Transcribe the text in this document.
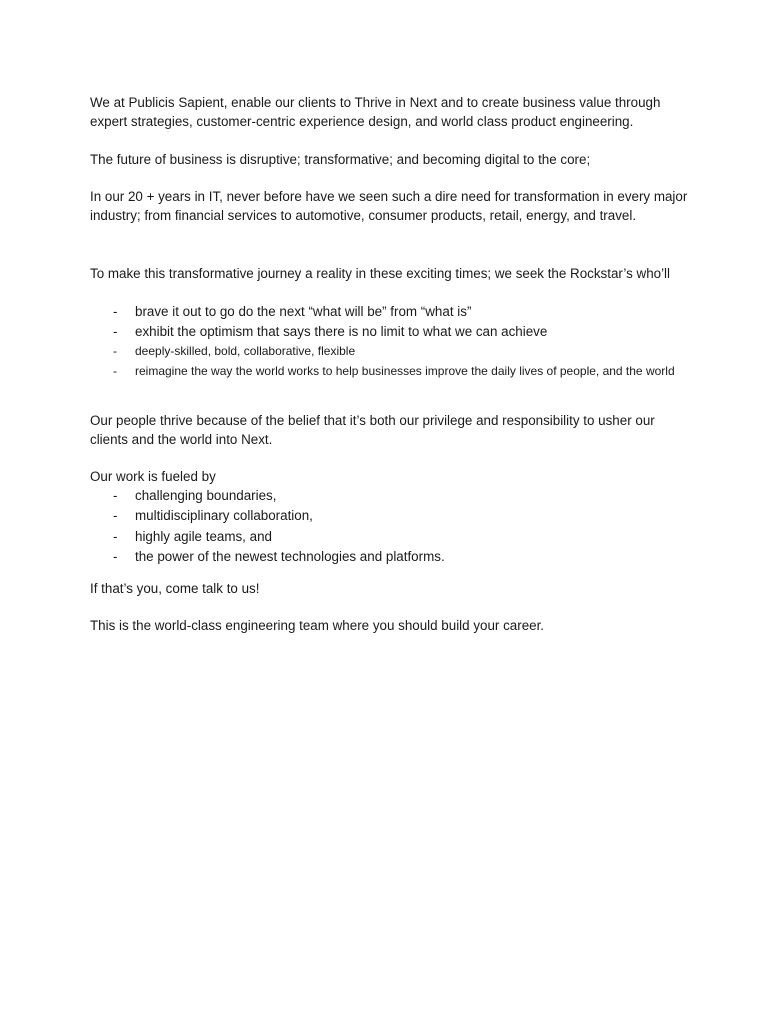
We at Publicis Sapient, enable our clients to Thrive in Next and to create business value through expert strategies, customer-centric experience design, and world class product engineering.

The future of business is disruptive; transformative; and becoming digital to the core;

In our 20 + years in IT, never before have we seen such a dire need for transformation in every major industry; from financial services to automotive, consumer products, retail, energy, and travel.

To make this transformative journey a reality in these exciting times; we seek the Rockstar’s who’ll

- brave it out to go do the next “what will be” from “what is”
- exhibit the optimism that says there is no limit to what we can achieve
- deeply-skilled, bold, collaborative, flexible
- reimagine the way the world works to help businesses improve the daily lives of people, and the world

Our people thrive because of the belief that it’s both our privilege and responsibility to usher our clients and the world into Next.

Our work is fueled by

- challenging boundaries,
- multidisciplinary collaboration,
- highly agile teams, and
- the power of the newest technologies and platforms.

If that’s you, come talk to us!

This is the world-class engineering team where you should build your career.
